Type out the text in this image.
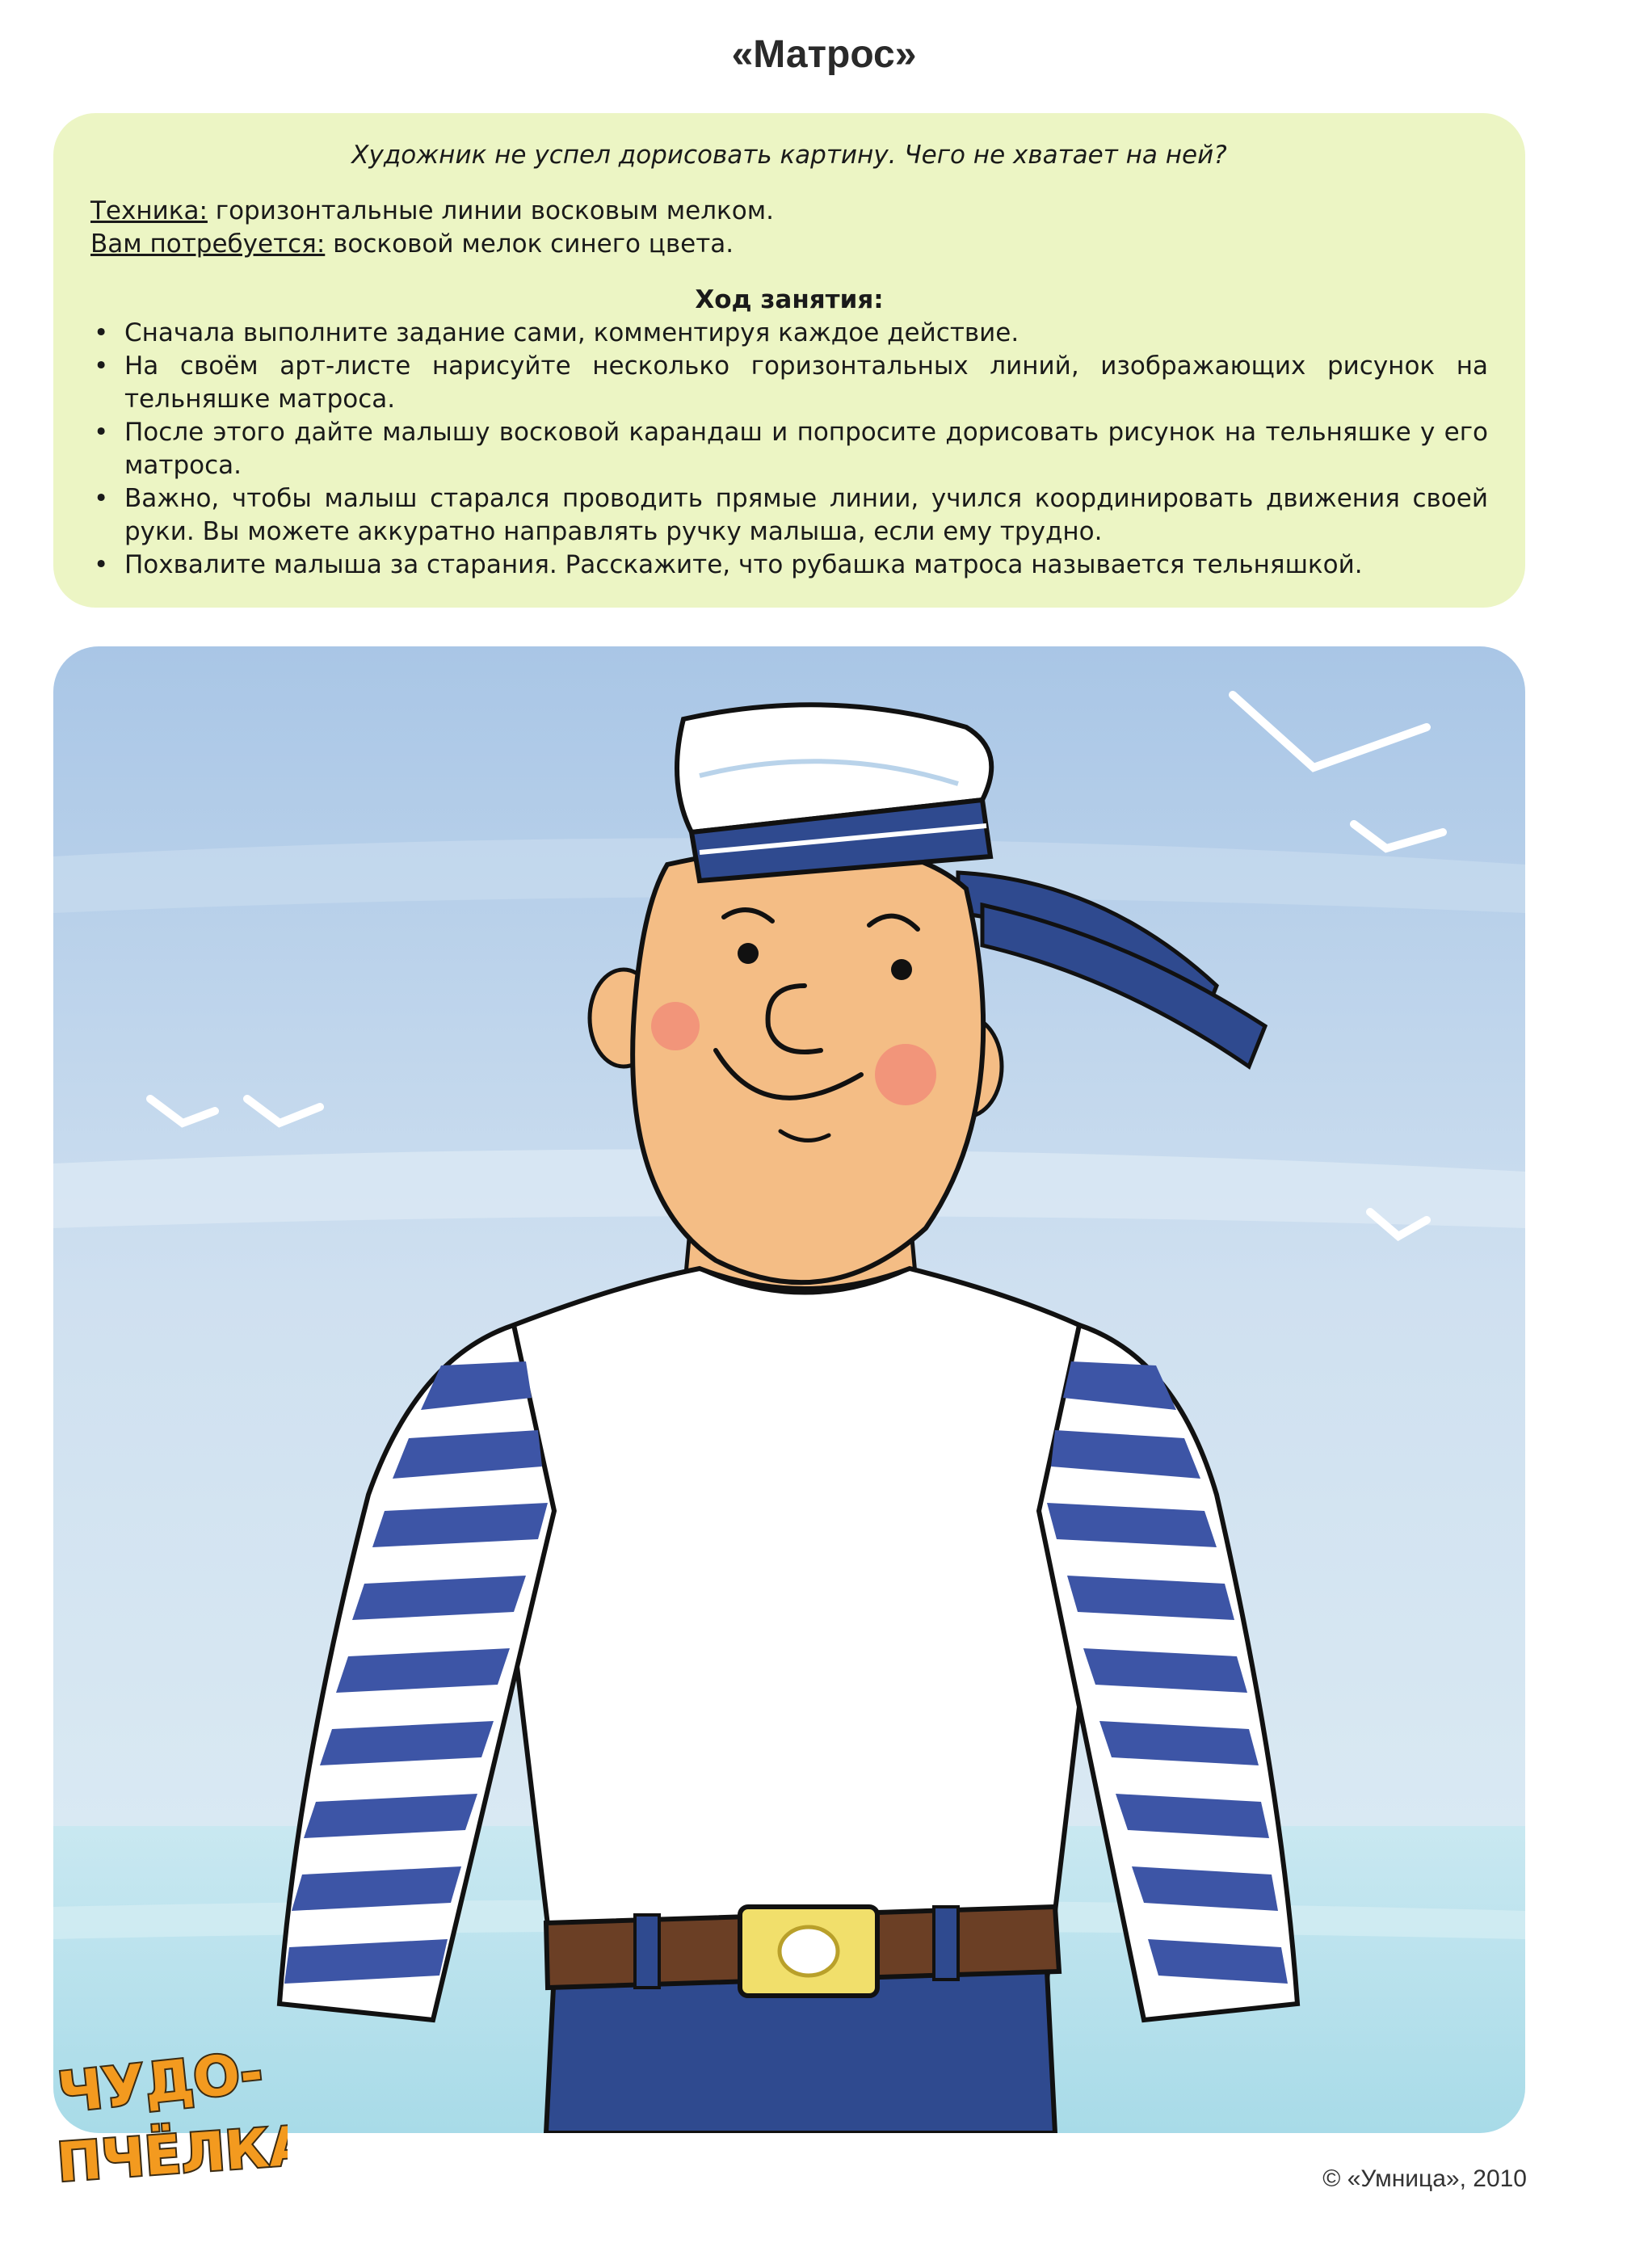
«Матрос»

Художник не успел дорисовать картину. Чего не хватает на ней?

Техника: горизонтальные линии восковым мелком.

Вам потребуется: восковой мелок синего цвета.

Ход занятия:

• Сначала выполните задание сами, комментируя каждое действие.
• На своём арт-листе нарисуйте несколько горизонтальных линий, изображающих рисунок на тельняшке матроса.
• После этого дайте малышу восковой карандаш и попросите дорисовать рисунок на тельняшке у его матроса.
• Важно, чтобы малыш старался проводить прямые линии, учился координировать движения своей руки. Вы можете аккуратно направлять ручку малыша, если ему трудно.
• Похвалите малыша за старания. Расскажите, что рубашка матроса называется тельняшкой.
ЧУДО-
ПЧЁЛКА	© «Умница», 2010
